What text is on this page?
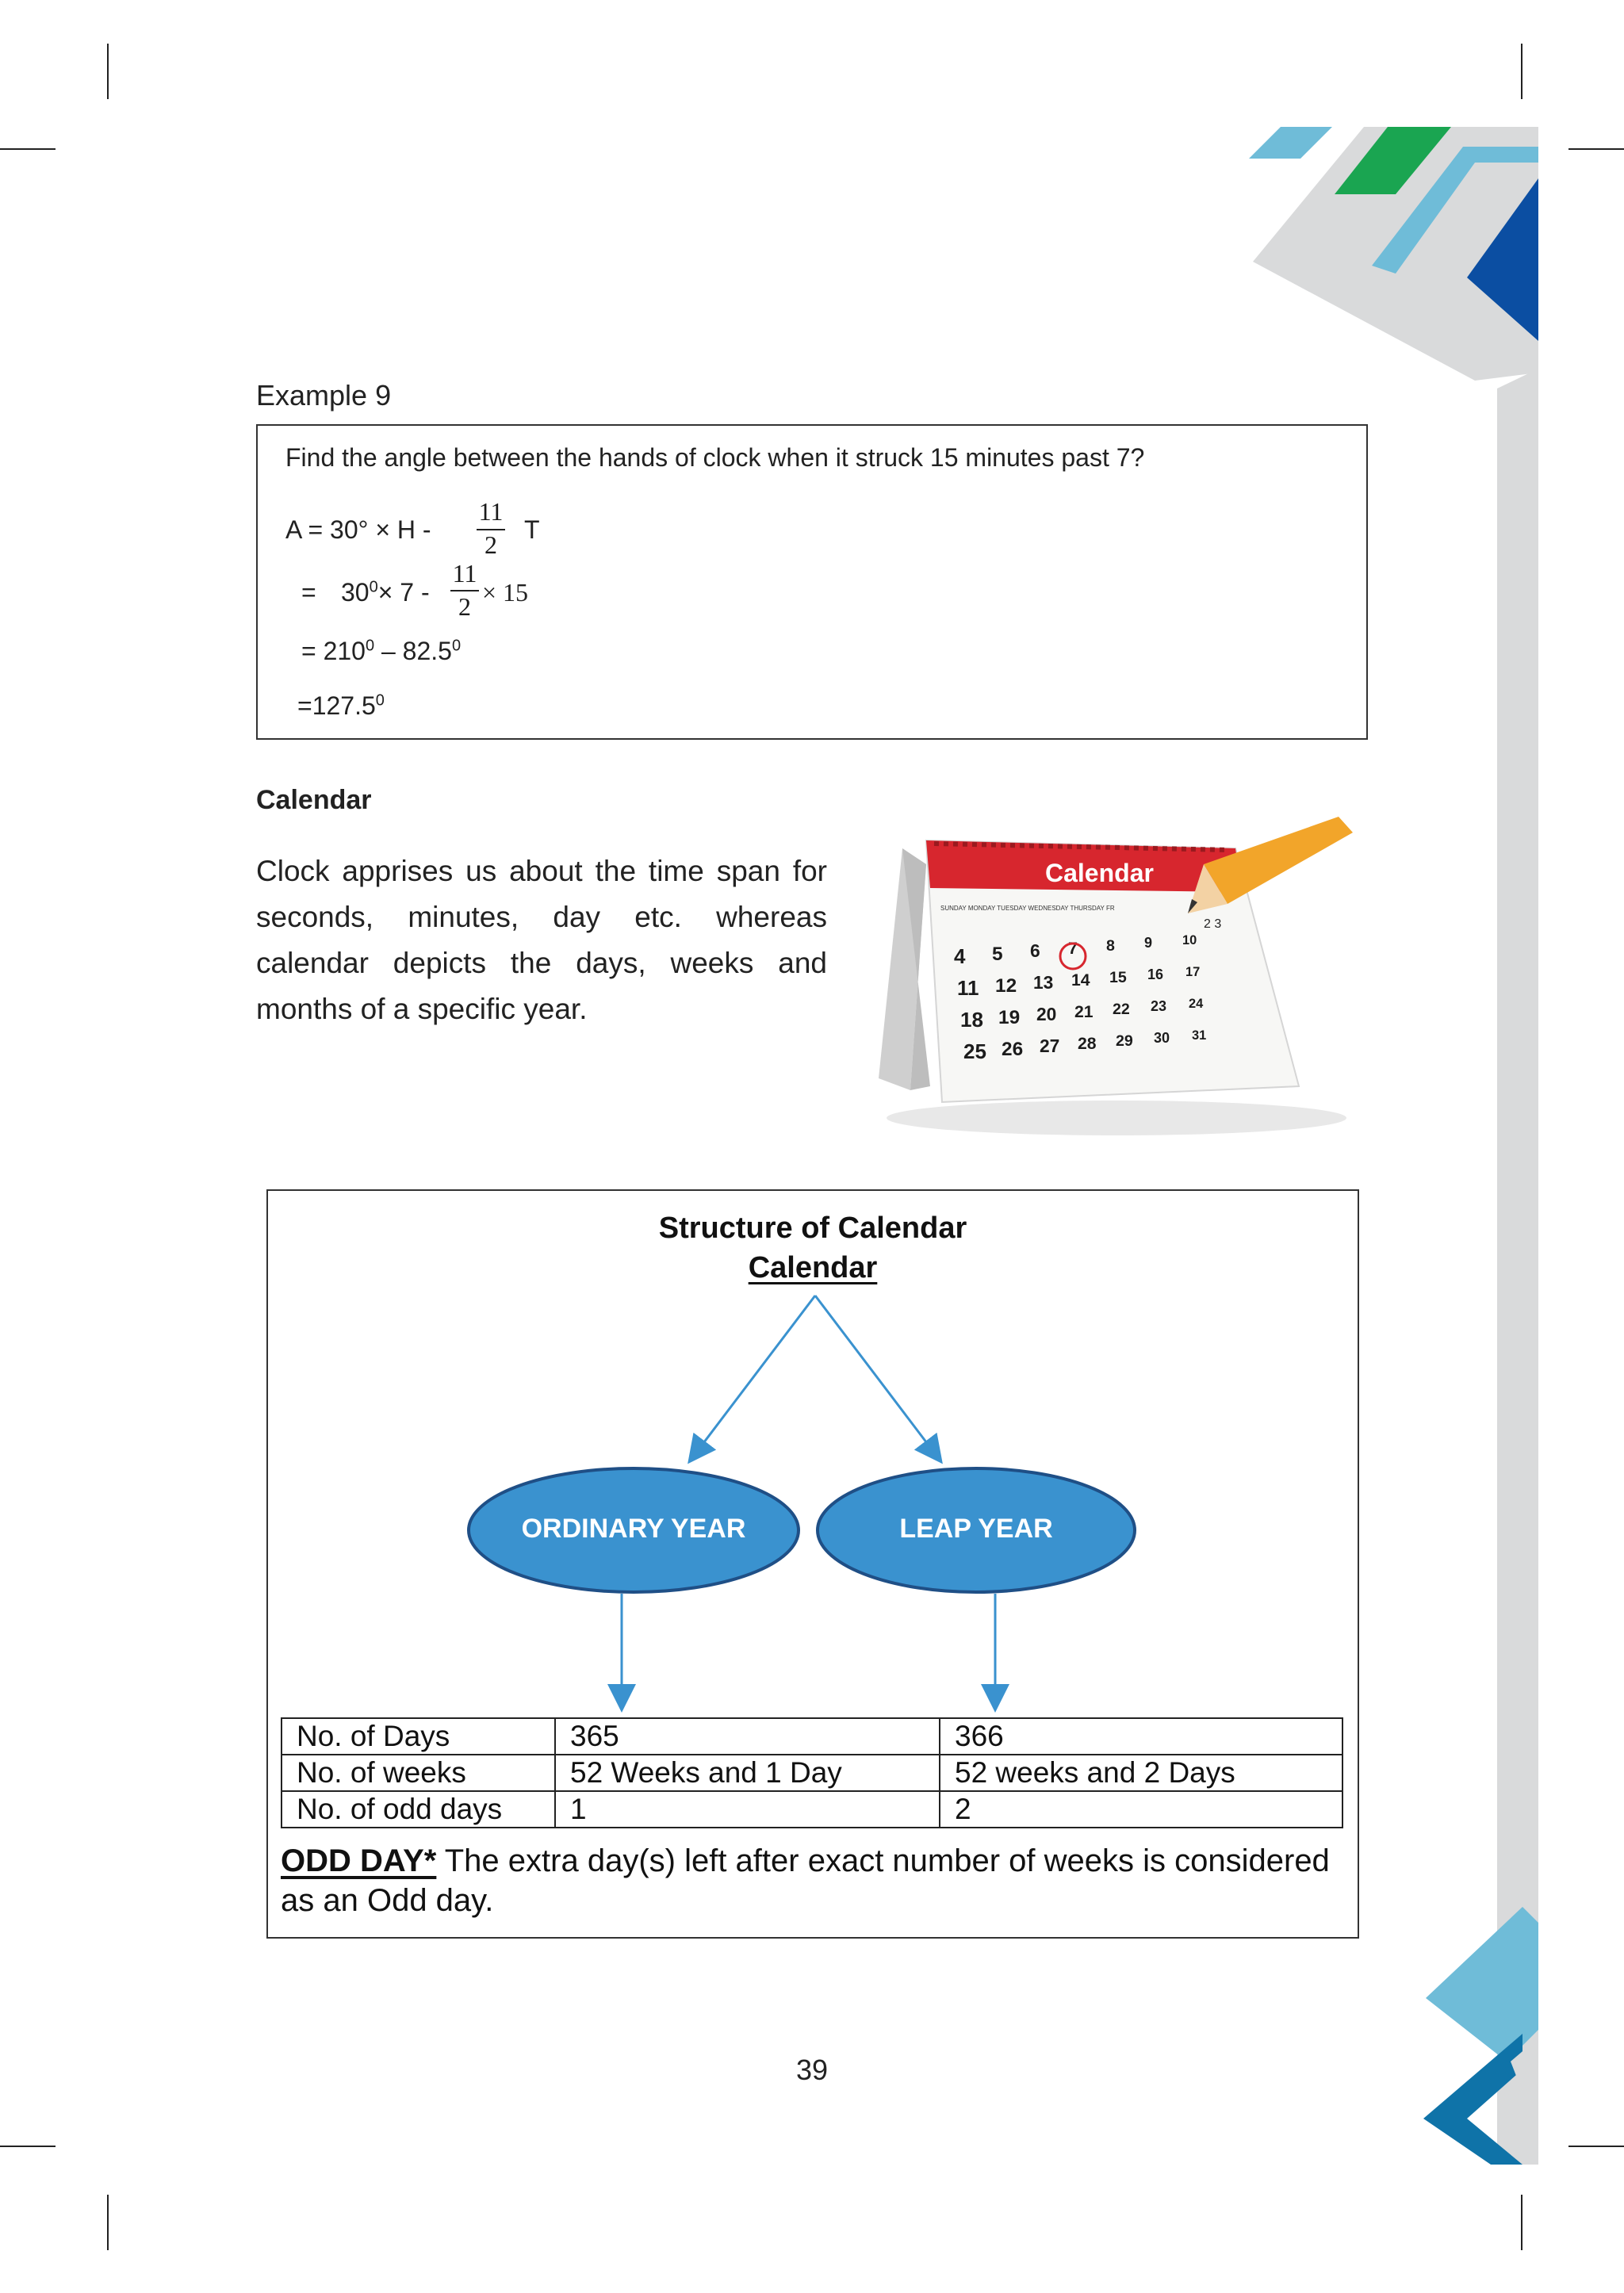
Example 9
Find the angle between the hands of clock when it struck 15 minutes past 7?
A = 30° × H -
11
2
T
= $30^0\times 7$ -
11
2 × 15
= $210^0 - 82.5^0$
$=127.5^0$
Calendar
Clock apprises us about the time span for seconds, minutes, day etc. whereas calendar depicts the days, weeks and months of a specific year.
Calendar
SUNDAY MONDAY TUESDAY WEDNESDAY THURSDAY FR
2 3
4 5 6 7 8 9 10
11 12 13 14 15 16 17
18 19 20 21 22 23 24
25 26 27 28 29 30 31
Structure of Calendar
Calendar
ORDINARY YEAR	LEAP YEAR
No. of Days	365	366
No. of weeks	52 Weeks and 1 Day	52 weeks and 2 Days
No. of odd days	1	2
ODD DAY* The extra day(s) left after exact number of weeks is considered as an Odd day.
39
